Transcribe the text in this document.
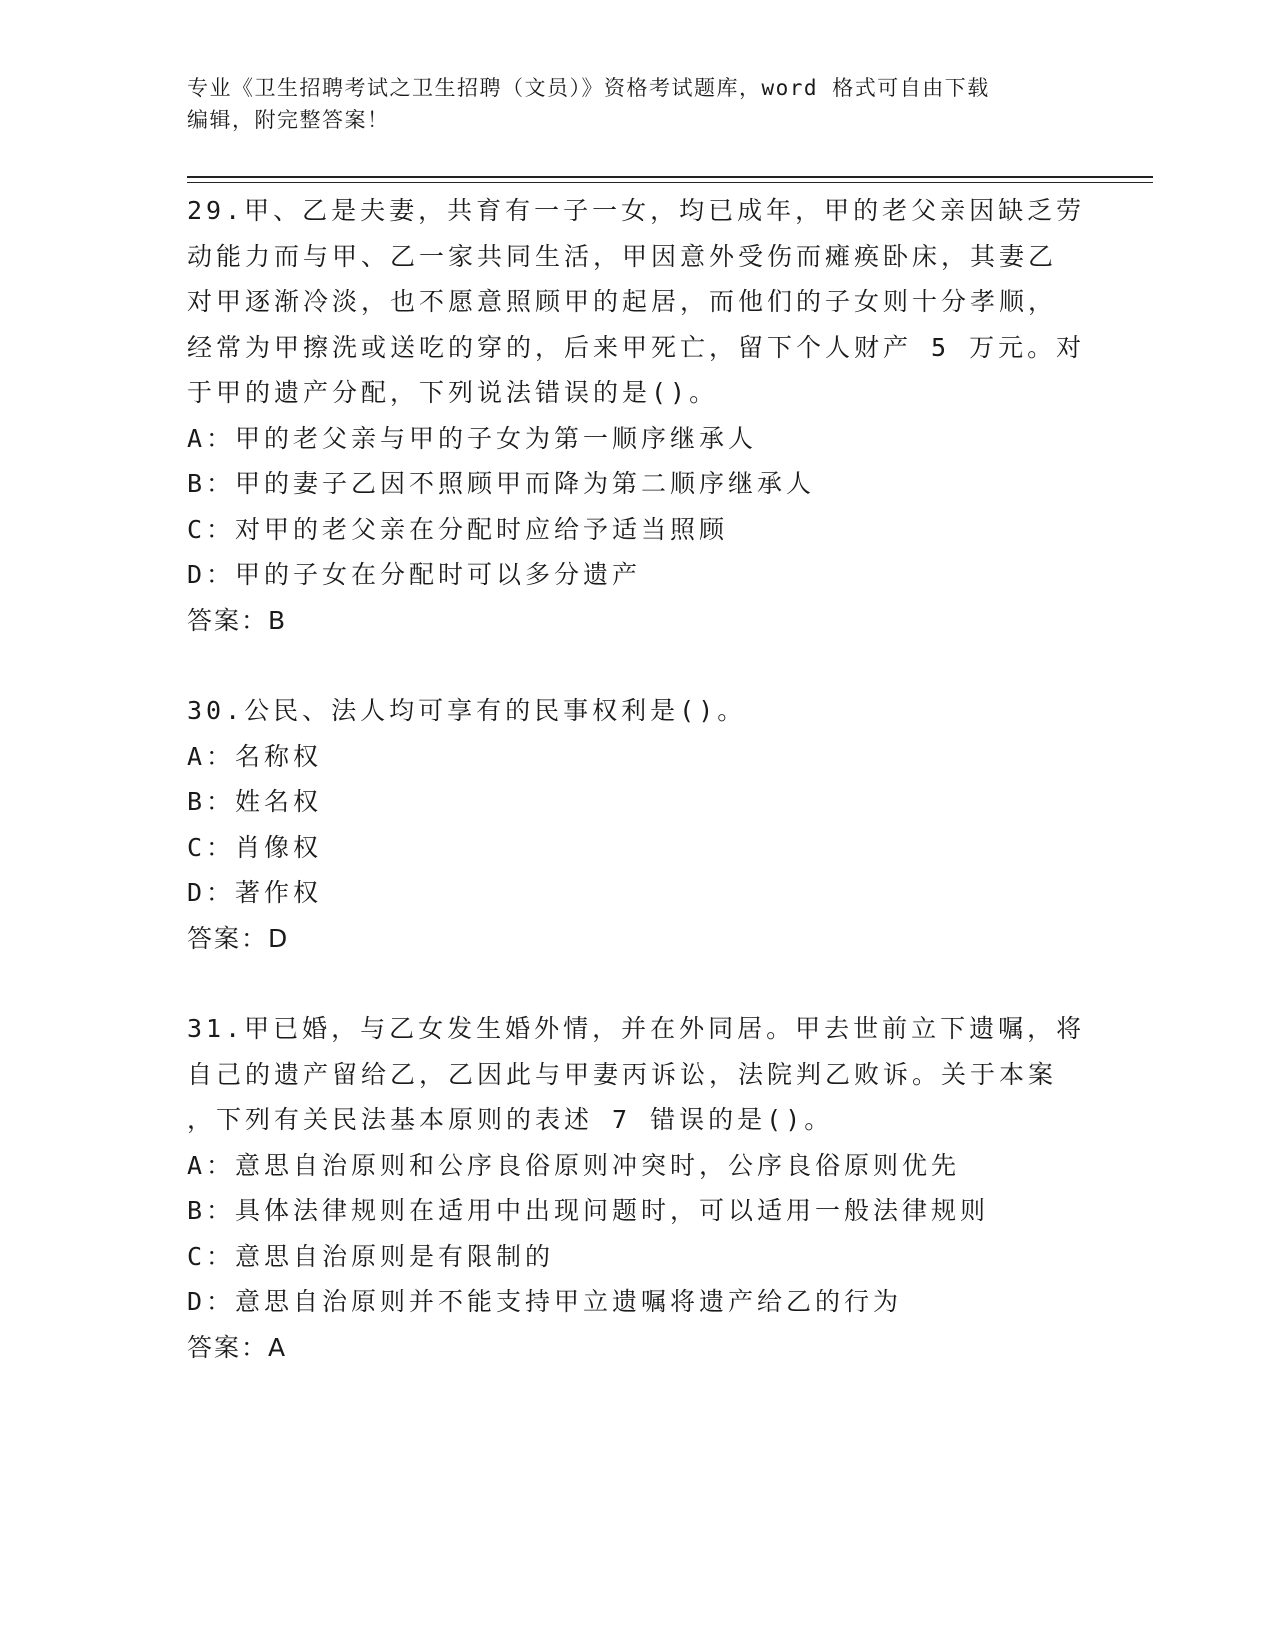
专业《卫生招聘考试之卫生招聘（文员）》资格考试题库，word 格式可自由下载
编辑，附完整答案！
29.甲、乙是夫妻，共育有一子一女，均已成年，甲的老父亲因缺乏劳
动能力而与甲、乙一家共同生活，甲因意外受伤而瘫痪卧床，其妻乙
对甲逐渐冷淡，也不愿意照顾甲的起居，而他们的子女则十分孝顺，
经常为甲擦洗或送吃的穿的，后来甲死亡，留下个人财产 5 万元。对
于甲的遗产分配，下列说法错误的是()。
A：甲的老父亲与甲的子女为第一顺序继承人
B：甲的妻子乙因不照顾甲而降为第二顺序继承人
C：对甲的老父亲在分配时应给予适当照顾
D：甲的子女在分配时可以多分遗产
答案：B
30.公民、法人均可享有的民事权利是()。
A：名称权
B：姓名权
C：肖像权
D：著作权
答案：D
31.甲已婚，与乙女发生婚外情，并在外同居。甲去世前立下遗嘱，将
自己的遗产留给乙，乙因此与甲妻丙诉讼，法院判乙败诉。关于本案
，下列有关民法基本原则的表述 7 错误的是()。
A：意思自治原则和公序良俗原则冲突时，公序良俗原则优先
B：具体法律规则在适用中出现问题时，可以适用一般法律规则
C：意思自治原则是有限制的
D：意思自治原则并不能支持甲立遗嘱将遗产给乙的行为
答案：A
